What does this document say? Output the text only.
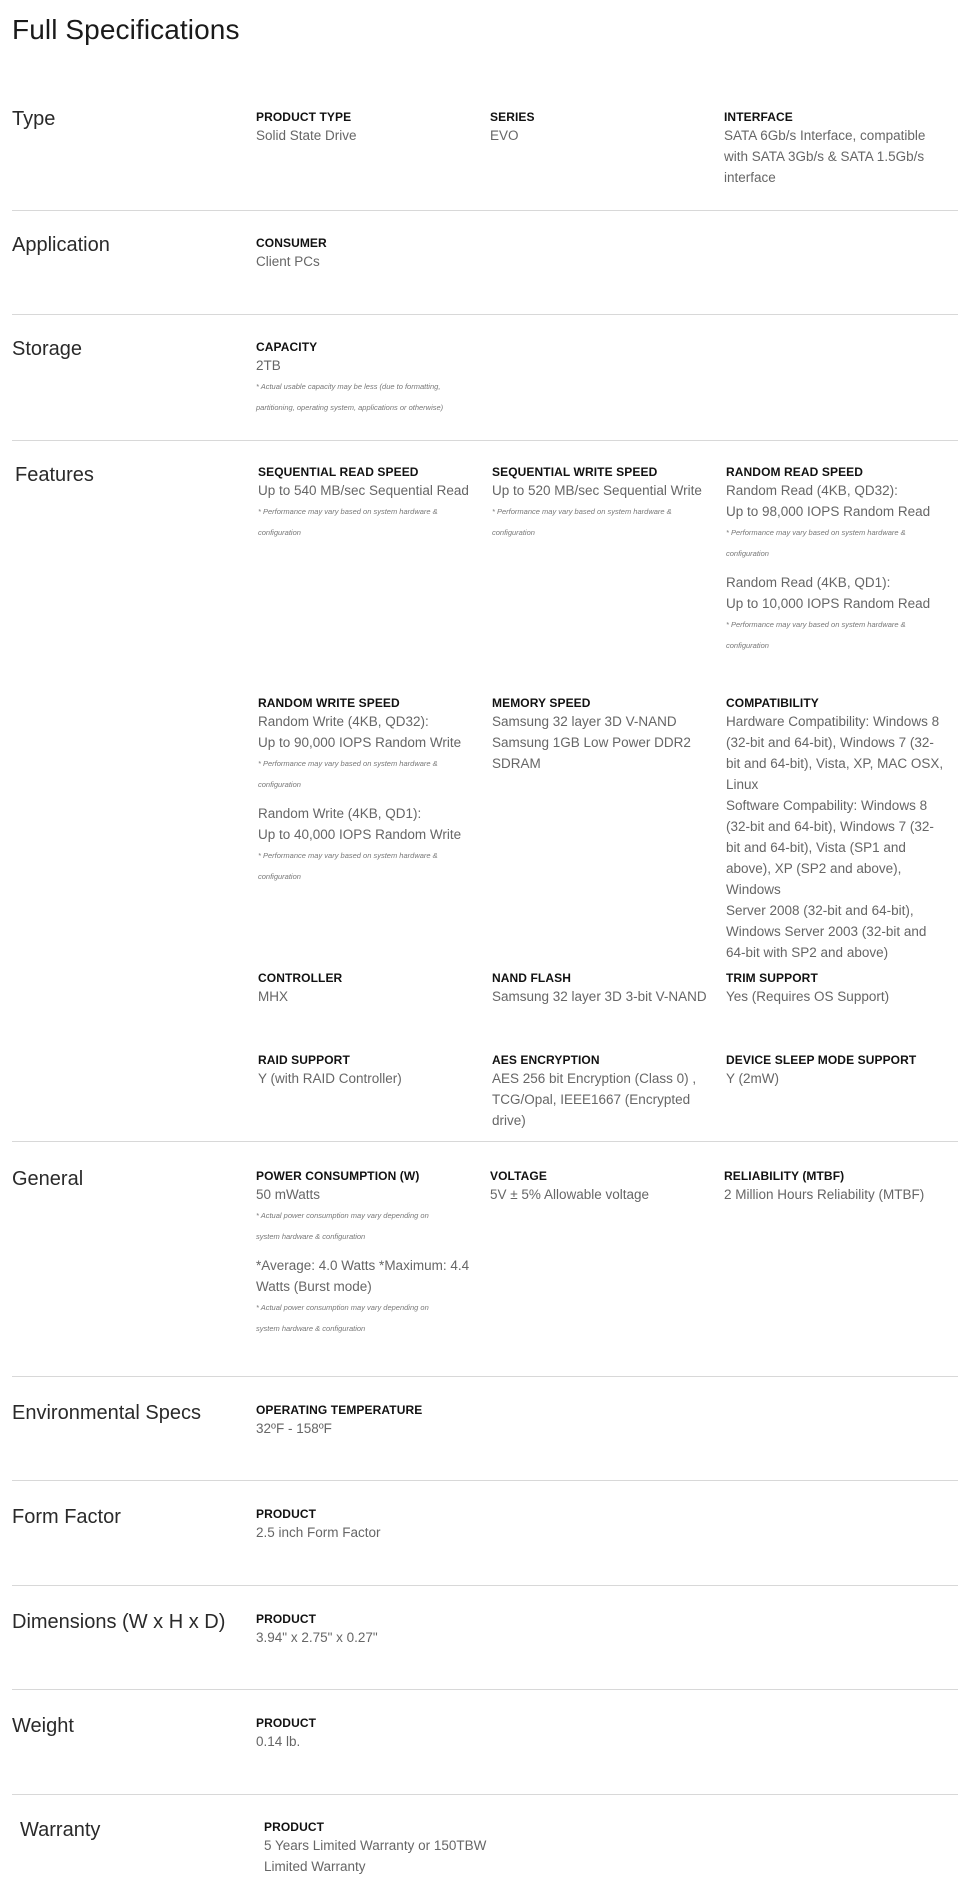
Full Specifications
Type	PRODUCT TYPE
Solid State Drive
SERIES
EVO
INTERFACE
SATA 6Gb/s Interface, compatible
with SATA 3Gb/s & SATA 1.5Gb/s
interface
Application	CONSUMER
Client PCs
Storage	CAPACITY
2TB
* Actual usable capacity may be less (due to formatting,
partitioning, operating system, applications or otherwise)
Features	SEQUENTIAL READ SPEED
Up to 540 MB/sec Sequential Read
* Performance may vary based on system hardware &
configuration
SEQUENTIAL WRITE SPEED
Up to 520 MB/sec Sequential Write
* Performance may vary based on system hardware &
configuration
RANDOM READ SPEED
Random Read (4KB, QD32):
Up to 98,000 IOPS Random Read
* Performance may vary based on system hardware &
configuration
Random Read (4KB, QD1):
Up to 10,000 IOPS Random Read
* Performance may vary based on system hardware &
configuration
RANDOM WRITE SPEED
Random Write (4KB, QD32):
Up to 90,000 IOPS Random Write
* Performance may vary based on system hardware &
configuration
Random Write (4KB, QD1):
Up to 40,000 IOPS Random Write
* Performance may vary based on system hardware &
configuration
MEMORY SPEED
Samsung 32 layer 3D V-NAND
Samsung 1GB Low Power DDR2
SDRAM
COMPATIBILITY
Hardware Compatibility: Windows 8
(32-bit and 64-bit), Windows 7 (32-
bit and 64-bit), Vista, XP, MAC OSX,
Linux
Software Compability: Windows 8
(32-bit and 64-bit), Windows 7 (32-
bit and 64-bit), Vista (SP1 and
above), XP (SP2 and above), Windows
Server 2008 (32-bit and 64-bit),
Windows Server 2003 (32-bit and
64-bit with SP2 and above)
CONTROLLER
MHX
NAND FLASH
Samsung 32 layer 3D 3-bit V-NAND
TRIM SUPPORT
Yes (Requires OS Support)
RAID SUPPORT
Y (with RAID Controller)
AES ENCRYPTION
AES 256 bit Encryption (Class 0) ,
TCG/Opal, IEEE1667 (Encrypted
drive)
DEVICE SLEEP MODE SUPPORT
Y (2mW)
General	POWER CONSUMPTION (W)
50 mWatts
* Actual power consumption may vary depending on
system hardware & configuration
*Average: 4.0 Watts *Maximum: 4.4
Watts (Burst mode)
* Actual power consumption may vary depending on
system hardware & configuration
VOLTAGE
5V ± 5% Allowable voltage
RELIABILITY (MTBF)
2 Million Hours Reliability (MTBF)
Environmental Specs	OPERATING TEMPERATURE
32ºF - 158ºF
Form Factor	PRODUCT
2.5 inch Form Factor
Dimensions (W x H x D)	PRODUCT
3.94" x 2.75" x 0.27"
Weight	PRODUCT
0.14 lb.
Warranty	PRODUCT
5 Years Limited Warranty or 150TBW
Limited Warranty
